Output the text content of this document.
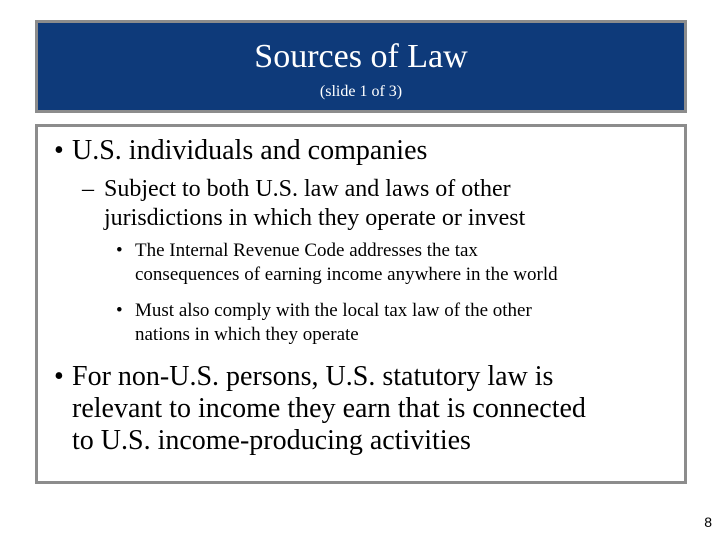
Sources of Law
(slide 1 of 3)
• U.S. individuals and companies
– Subject to both U.S. law and laws of other
jurisdictions in which they operate or invest
• The Internal Revenue Code addresses the tax
consequences of earning income anywhere in the world
• Must also comply with the local tax law of the other
nations in which they operate
• For non-U.S. persons, U.S. statutory law is
relevant to income they earn that is connected
to U.S. income-producing activities
8
